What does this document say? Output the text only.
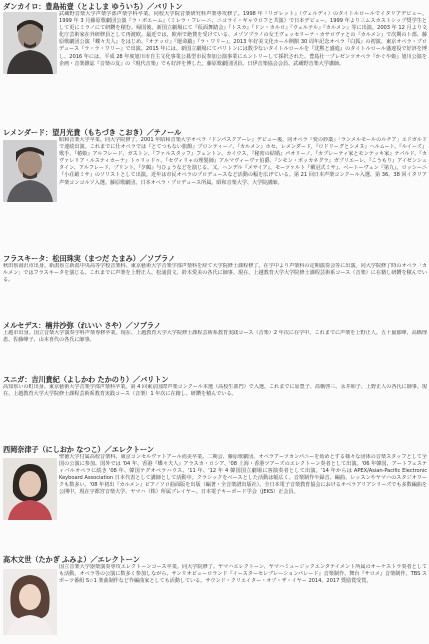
ダンカイロ：豊島祐壹（とよしま ゆういち）／バリトン
武蔵野音楽大学声楽学部声楽学科卒業。同校大学院音楽研究科声楽専攻修了。1998 年『リゴレット』（ヴェルディ）のタイトルロールでイタリアデビュー。1999 年 3 月藤原歌劇団公演『ラ・ボエーム』（ミレラ・フレーニ、ニコライ・ギャウロフと共演）で日本デビュー。1999 年より三ムスカストシップ奨学生として更にミラノにて研鑽を積む。帰国後、新国立劇場にて『仮面舞踏会』『トスカ』『ドン・カルロ』『ウェルテル』『カルメン』等に出演。2003 年 12 月より文化庁芸術家在外研修員として再渡欧。最近では、欧州で絶賛を受けている、メゾソプラノの女王ヴェッセリーナ・カサロヴァとの『カルメン』で次期のト部、藤原歌劇団公演『蝶々夫人』をはじめ、『オテッロ』『運命鍛』『ラ・ワリー』、2013 年好美文化ホール開館 30 周年記念オペラ『白狐』の初演、東京オペラ・プロデュース『ラ・ラ・ワリー』で出演。2015 年には、新国立劇場にてパリトンには数少ないタイトルロールを『沈黙と盛進』のタイトルロール盛違役で好評を博し、2016 年には、平成 28 年度旭川市自主文化事業公募型市民参加公演事業にエントリーして採択された、豊島壮一プレゼンツオペラ『かぐや姫』旭川公演を企画・音楽雑誌『音楽の友』の『現代音楽』でも好評を博した。藤原歌劇団団員、日伊音楽協会会員、武蔵野音楽大学講師。
レメンダード：望月光貴（もちづき こおき）／テノール
昭和音楽大学卒業。同大学院修了。2001 年昭和音楽大学オペラ『ドンパスクアーレ』デビュー後、同オペラ『愛の妙薬』「ランメルモールのルチア」エドガルドで連続出演。これまでに仕オペラでは『とてつもない旅館』プロンティーノ、『カルメン』ホセ、レメンダード、『ロドリーグとシメヌ』ヘルムート、『ルイーズ』歌手、『椿姫』アルフレード、ガストン、『ファルスタッフ』フェントン、カイウス、『秘密の結婚』パオリーノ、『カプレーティ家とモンテッキ家』テバルド、『カヴァレリア・ルスティカーナ』トゥリッドゥ、『セヴィリャの理髪師』アルマヴィーヴァ伯爵、『シモン・ボッカネグラ』ガブリエーレ、『こうもり』アイゼンシュタイン、アルフレード、ブリント、『夕鶴』与ひょうなどを演じる。又、ヘンデル『メサイア』、モーツァルト『戴冠式ミサ』、ベートーヴェン『第九』、ロッシーニ『小荘厳ミサ』のソリストとして出演。近年は市民オペラのプロデュースなど活動の幅を広げている。第 21 回日本声楽コンクール入選、第 36、38 回イタリア声楽コンコルソ入選。藤原歌劇団、日本オペラ・プロデュース所属。昭和音楽大学、大学院講師。
フラスキータ：松田珠実（まつだ たまみ）／ソプラノ
秋田県湯沢市出身。新潟県立新潟中央高等学校音楽科、東京藝術大学音楽学部声楽科を経て大学院修士課程修了。在学中より声楽科の定期演奏会等に出演。同大学院修了時のオペラ「カルメン」ではフラスキータを演じる。これまでに声楽を上野正人、松浦貴文、鈴木愛美の各氏に師事。現在、上越教育大学大学院修士課程芸術系コース（音楽）に在籍し研鑽を積んでいる。
メルセデス：楠井沙弥（れいい さや）／ソプラノ
上越市出身。国立音楽大学演奏学科声楽専修卒業。現在、上越教育大学大学院修士課程芸術系教育実践コース（音楽）2 年次に在学中。これまでに声楽を上野正人、五十嵐郁峰、高橋理恵、佐藤峰子、山本喜代の各氏に師事。
スニガ：吉川貴紀（よしかわ たかのり）／バリトン
高知県いの町出身。東京藝術大学音楽学部声楽科卒業。第 4 回東京国際声楽コンクール本選（高校生部門）で入選。これまでに原豊子、髙橋啓三、永井和子、上野正人の各氏に師事。現在、上越教育大学大学院修士課程芸術系教育実践コース（音楽）1 年次に在籍し、研鑽を積んでいる。
西岡奈津子（にしおか なつこ）／エレクトーン
聖徳大学付属高校音楽科、東京コンセルヴァトアール尚美卒業。二期会、藤原歌劇団、オペラアーツカンパニーを始めとする様々な団体の音楽スタッフとして全国の公演に参加。国外では '04 年、香港『蝶々夫人』アラスカ・ロシア、'08 上海・香港ツアーズのエレクトーン奏者として出演。'06 年韓国、アートフェスティバルオペラに続き '08 年、韓国テグオペラハウス、'11 年、'12 年 4 韓国国立劇場に客演奏者として出演。'14 年からは APEX/Asian-Pacific Electronic Keyboard Association 日本代表として講師として活動中。クラシックをベースとした活動は幅広く、音楽制作や録音、編曲、レッスンやヤマハのスタジオワークも数多い。'08 年初出『カルメン』ピアノソロ曲面版を出版（編著・全音楽譜出版社）、全日本電子音楽教育協会におけるオペラアリアシリーズでも多数編曲を公開中。現在宇都宮音楽大学、ヤマハ（株）所属プレイヤー。日本電子キーボード学会（JEKS）正会員。
高木文世（たかぎ ふみよ）／エレクトーン
国立音楽大学器楽演奏専攻エレクトーンコース卒業。同大学院修了。ヤマハエレクトーン、ヤマハミュージックエンタテイメント所属のオーケストラ奏者としても活動。オペラ等の公演に数多く参加しながら、サンリオピューロランド『イースターセレブレーションパレード』音楽制作、舞台『サロメ』音楽制作、TBS スポーツ番組 S☆1 楽曲制作など作編曲家としても活動している。サウンド・クリエイター・オブ・ザ・イヤー 2014、2017 奨励賞受賞。
